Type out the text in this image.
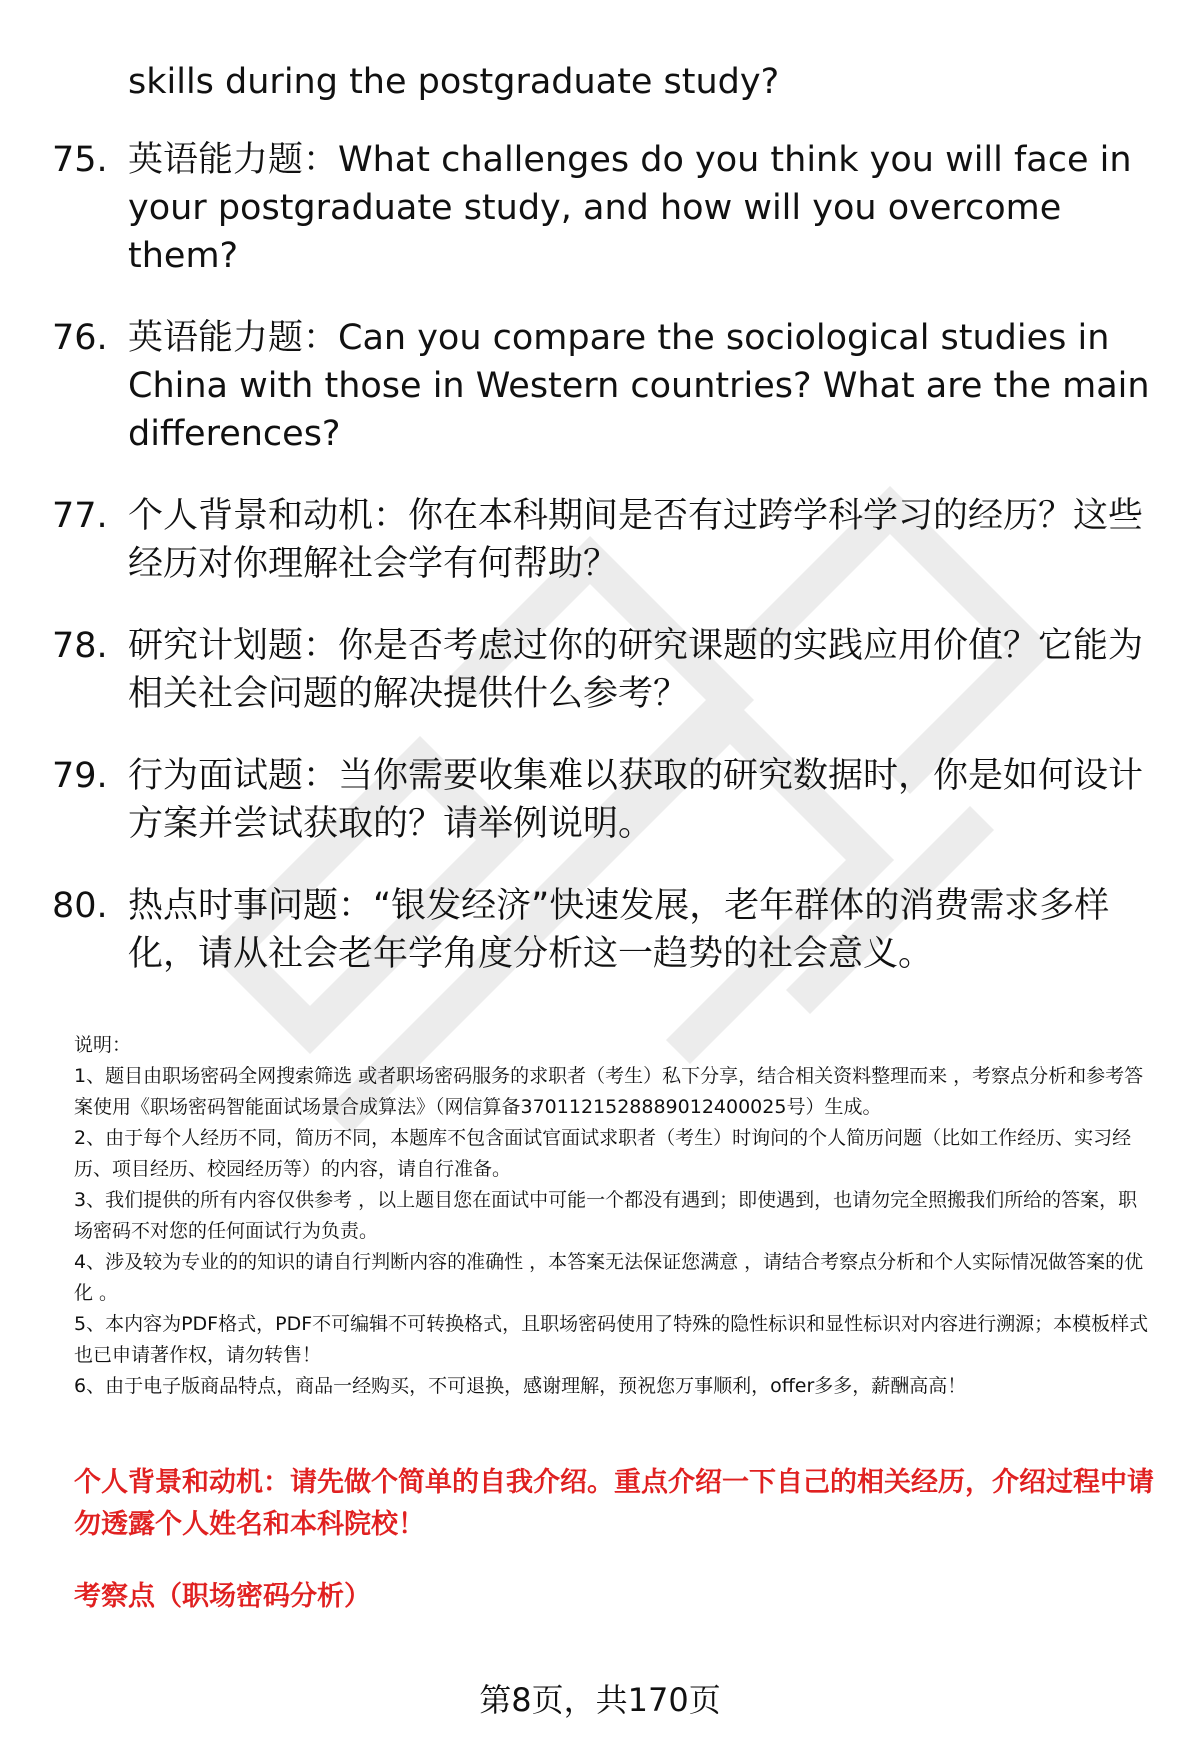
skills during the postgraduate study?
75. 英语能力题：What challenges do you think you will face in your postgraduate study, and how will you overcome them?
76. 英语能力题：Can you compare the sociological studies in China with those in Western countries? What are the main differences?
77. 个人背景和动机：你在本科期间是否有过跨学科学习的经历？这些经历对你理解社会学有何帮助？
78. 研究计划题：你是否考虑过你的研究课题的实践应用价值？它能为相关社会问题的解决提供什么参考？
79. 行为面试题：当你需要收集难以获取的研究数据时，你是如何设计方案并尝试获取的？请举例说明。
80. 热点时事问题：“银发经济”快速发展，老年群体的消费需求多样化，请从社会老年学角度分析这一趋势的社会意义。

说明：

1、题目由职场密码全网搜索筛选 或者职场密码服务的求职者（考生）私下分享，结合相关资料整理而来 ，考察点分析和参考答案使用《职场密码智能面试场景合成算法》（网信算备3701121528889012400025号）生成。

2、由于每个人经历不同，简历不同，本题库不包含面试官面试求职者（考生）时询问的个人简历问题（比如工作经历、实习经历、项目经历、校园经历等）的内容，请自行准备。

3、我们提供的所有内容仅供参考 ，以上题目您在面试中可能一个都没有遇到；即使遇到，也请勿完全照搬我们所给的答案，职场密码不对您的任何面试行为负责。

4、涉及较为专业的的知识的请自行判断内容的准确性 ，本答案无法保证您满意 ，请结合考察点分析和个人实际情况做答案的优化 。

5、本内容为PDF格式，PDF不可编辑不可转换格式，且职场密码使用了特殊的隐性标识和显性标识对内容进行溯源；本模板样式也已申请著作权，请勿转售！

6、由于电子版商品特点，商品一经购买，不可退换，感谢理解，预祝您万事顺利，offer多多，薪酬高高！

个人背景和动机：请先做个简单的自我介绍。重点介绍一下自己的相关经历，介绍过程中请勿透露个人姓名和本科院校！
考察点（职场密码分析）
第8页，共170页
